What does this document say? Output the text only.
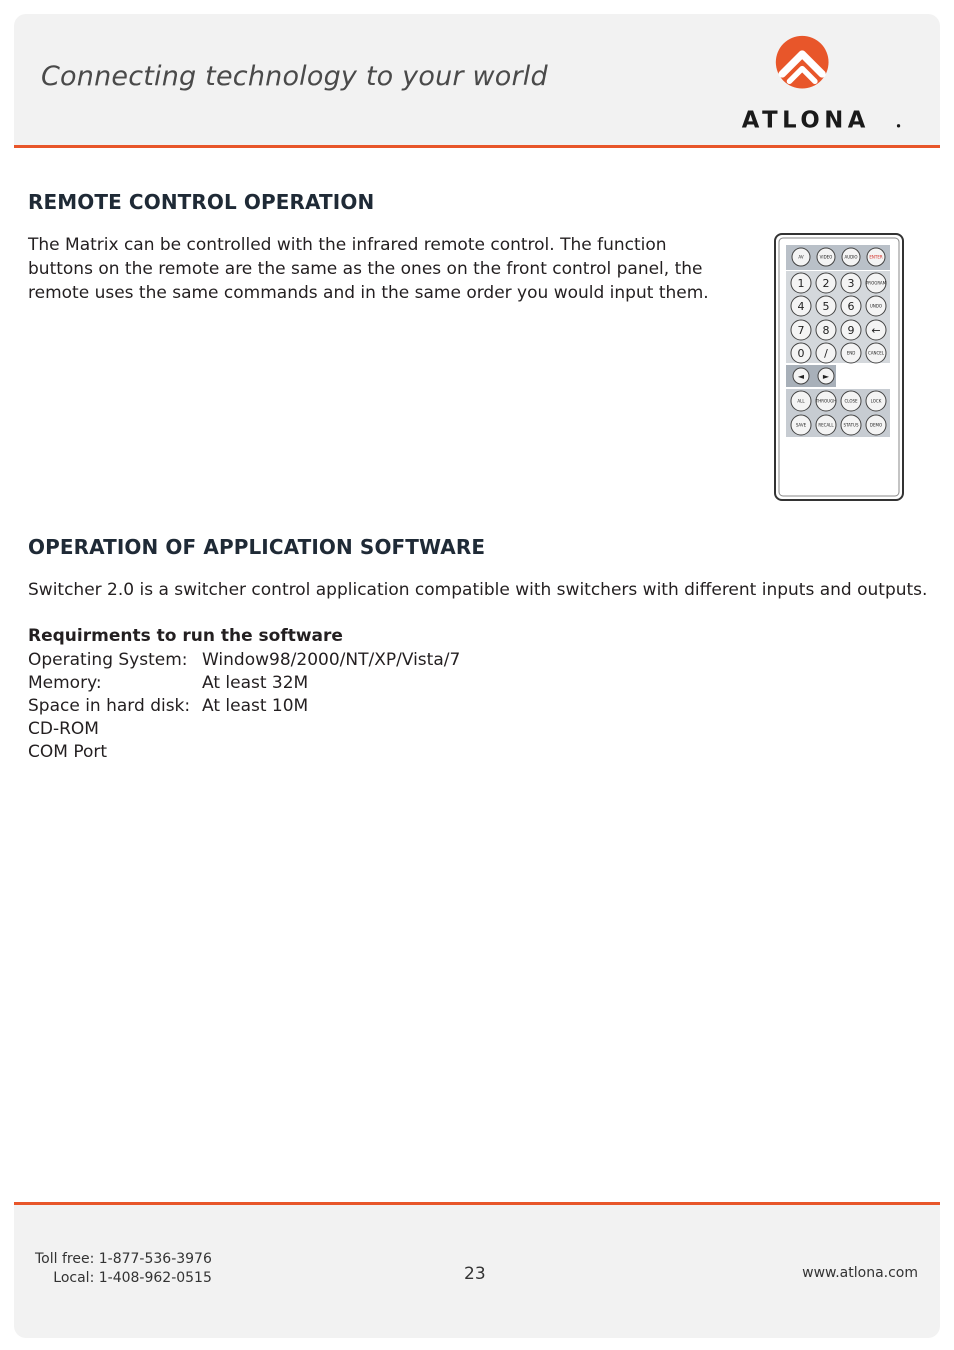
Connecting technology to your world
ATLONA
REMOTE CONTROL OPERATION
The Matrix can be controlled with the infrared remote control. The function
buttons on the remote are the same as the ones on the front control panel, the
remote uses the same commands and in the same order you would input them.
AV	VIDEO	AUDIO	ENTER
1 2 3	PROGRAM
4 5 6	UNDO
7 8 9 ←
0 /	END	CANCEL
◄ ►
ALL	THROUGH CLOSE	LOCK
SAVE	RECALL STATUS	DEMO
OPERATION OF APPLICATION SOFTWARE
Switcher 2.0 is a switcher control application compatible with switchers with different inputs and outputs.
Requirments to run the software
Operating System: Window98/2000/NT/XP/Vista/7
Memory:	At least 32M
Space in hard disk: At least 10M
CD-ROM
COM Port
Toll free: 1-877-536-3976
Local: 1-408-962-0515	23	www.atlona.com
